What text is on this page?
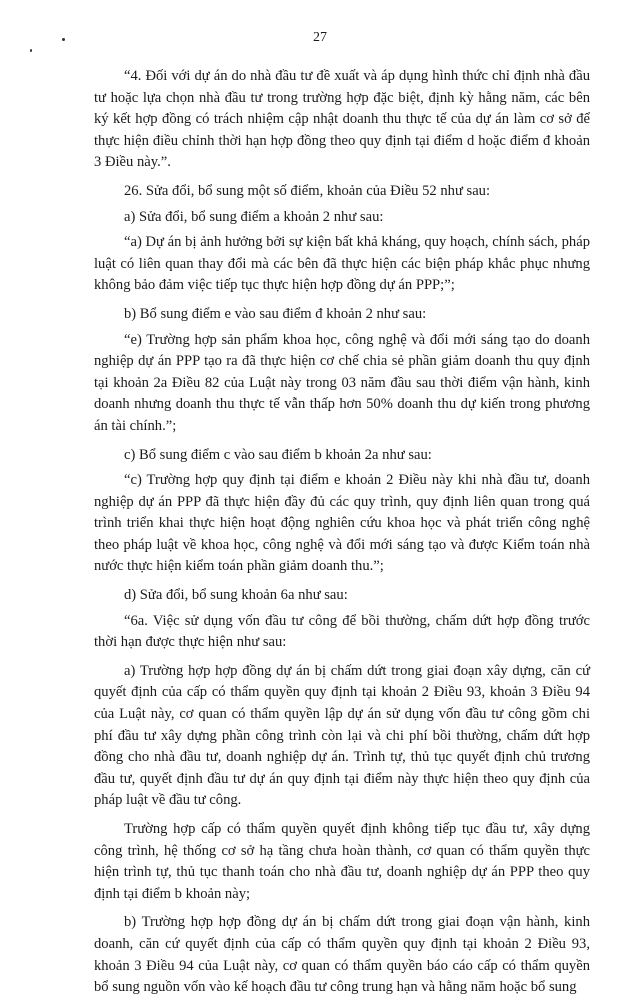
27

“4. Đối với dự án do nhà đầu tư đề xuất và áp dụng hình thức chỉ định nhà đầu tư hoặc lựa chọn nhà đầu tư trong trường hợp đặc biệt, định kỳ hằng năm, các bên ký kết hợp đồng có trách nhiệm cập nhật doanh thu thực tế của dự án làm cơ sở để thực hiện điều chỉnh thời hạn hợp đồng theo quy định tại điểm d hoặc điểm đ khoản 3 Điều này.”.

26. Sửa đổi, bổ sung một số điểm, khoản của Điều 52 như sau:

a) Sửa đổi, bổ sung điểm a khoản 2 như sau:

“a) Dự án bị ảnh hưởng bởi sự kiện bất khả kháng, quy hoạch, chính sách, pháp luật có liên quan thay đổi mà các bên đã thực hiện các biện pháp khắc phục nhưng không bảo đảm việc tiếp tục thực hiện hợp đồng dự án PPP;”;

b) Bổ sung điểm e vào sau điểm đ khoản 2 như sau:

“e) Trường hợp sản phẩm khoa học, công nghệ và đổi mới sáng tạo do doanh nghiệp dự án PPP tạo ra đã thực hiện cơ chế chia sẻ phần giảm doanh thu quy định tại khoản 2a Điều 82 của Luật này trong 03 năm đầu sau thời điểm vận hành, kinh doanh nhưng doanh thu thực tế vẫn thấp hơn 50% doanh thu dự kiến trong phương án tài chính.”;

c) Bổ sung điểm c vào sau điểm b khoản 2a như sau:

“c) Trường hợp quy định tại điểm e khoản 2 Điều này khi nhà đầu tư, doanh nghiệp dự án PPP đã thực hiện đầy đủ các quy trình, quy định liên quan trong quá trình triển khai thực hiện hoạt động nghiên cứu khoa học và phát triển công nghệ theo pháp luật về khoa học, công nghệ và đổi mới sáng tạo và được Kiểm toán nhà nước thực hiện kiểm toán phần giảm doanh thu.”;

d) Sửa đổi, bổ sung khoản 6a như sau:

“6a. Việc sử dụng vốn đầu tư công để bồi thường, chấm dứt hợp đồng trước thời hạn được thực hiện như sau:

a) Trường hợp hợp đồng dự án bị chấm dứt trong giai đoạn xây dựng, căn cứ quyết định của cấp có thẩm quyền quy định tại khoản 2 Điều 93, khoản 3 Điều 94 của Luật này, cơ quan có thẩm quyền lập dự án sử dụng vốn đầu tư công gồm chi phí đầu tư xây dựng phần công trình còn lại và chi phí bồi thường, chấm dứt hợp đồng cho nhà đầu tư, doanh nghiệp dự án. Trình tự, thủ tục quyết định chủ trương đầu tư, quyết định đầu tư dự án quy định tại điểm này thực hiện theo quy định của pháp luật về đầu tư công.

Trường hợp cấp có thẩm quyền quyết định không tiếp tục đầu tư, xây dựng công trình, hệ thống cơ sở hạ tầng chưa hoàn thành, cơ quan có thẩm quyền thực hiện trình tự, thủ tục thanh toán cho nhà đầu tư, doanh nghiệp dự án PPP theo quy định tại điểm b khoản này;

b) Trường hợp hợp đồng dự án bị chấm dứt trong giai đoạn vận hành, kinh doanh, căn cứ quyết định của cấp có thẩm quyền quy định tại khoản 2 Điều 93, khoản 3 Điều 94 của Luật này, cơ quan có thẩm quyền báo cáo cấp có thẩm quyền bổ sung nguồn vốn vào kế hoạch đầu tư công trung hạn và hằng năm hoặc bổ sung
